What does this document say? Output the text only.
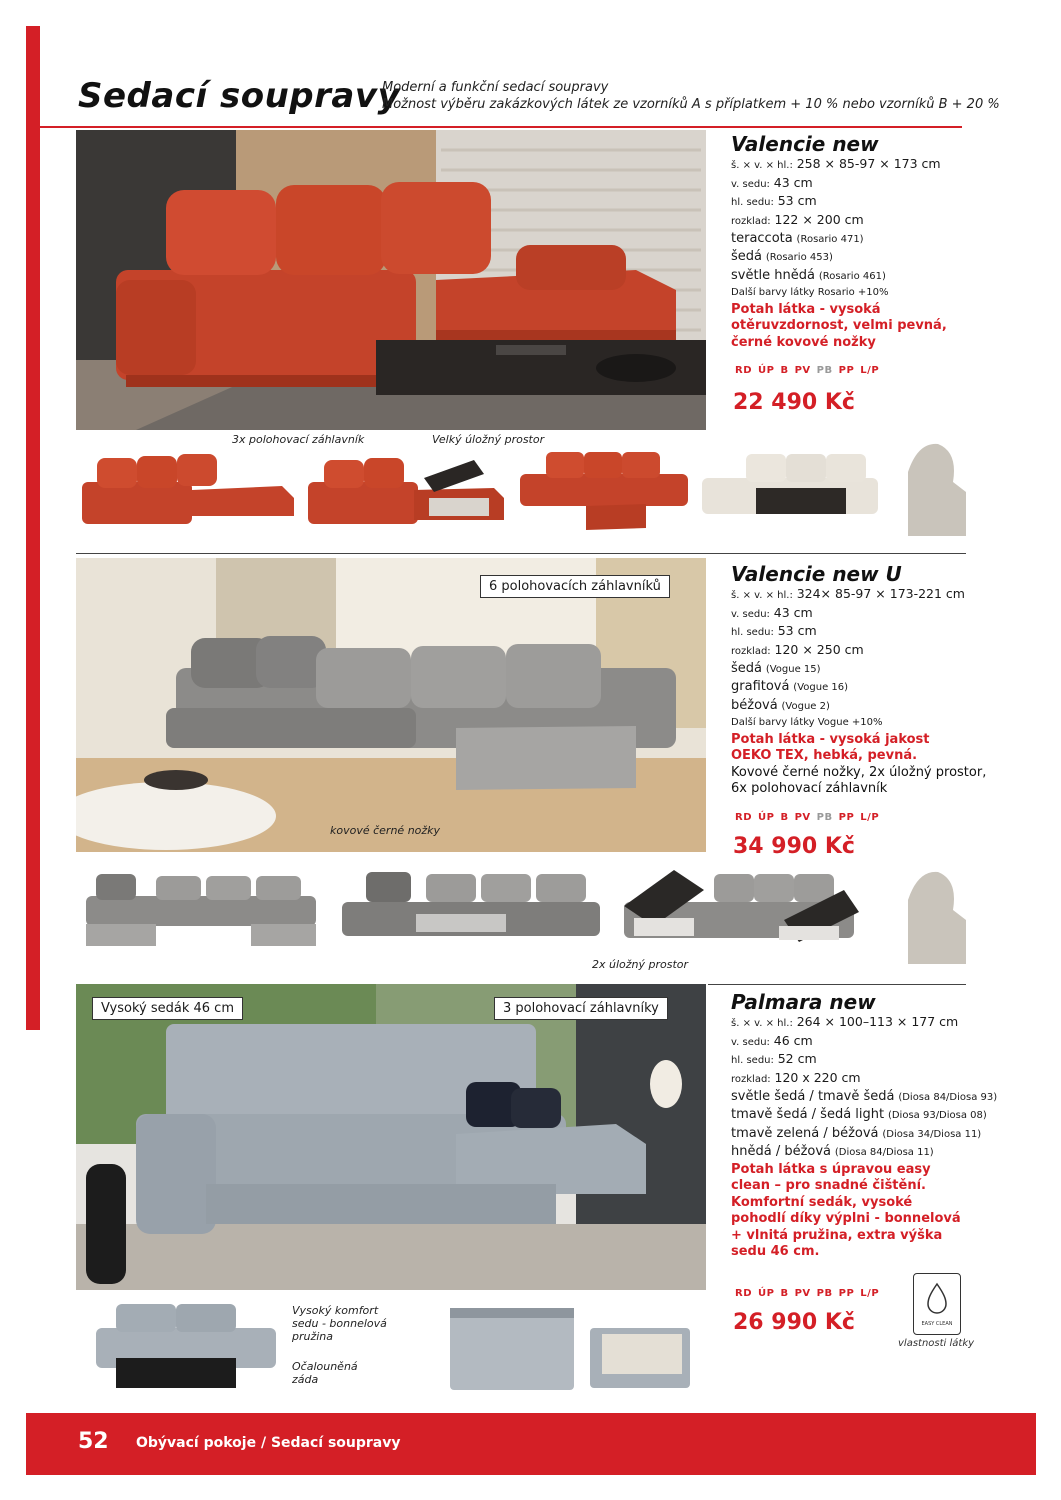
Sedací soupravy
Moderní a funkční sedací soupravy
Možnost výběru zakázkových látek ze vzorníků A s příplatkem + 10 % nebo vzorníků B + 20 %
Valencie new
š. × v. × hl.: 258 × 85-97 × 173 cm
v. sedu: 43 cm
hl. sedu: 53 cm
rozklad: 122 × 200 cm
teraccota (Rosario 471)
šedá (Rosario 453)
světle hnědá (Rosario 461)
Další barvy látky Rosario +10%
Potah látka - vysoká otěruvzdornost, velmi pevná, černé kovové nožky
RD ÚP B PV PB PP L/P
22 490 Kč
3x polohovací záhlavník	Velký úložný prostor
6 polohovacích záhlavníků
kovové černé nožky
Valencie new U
š. × v. × hl.: 324× 85-97 × 173-221 cm
v. sedu: 43 cm
hl. sedu: 53 cm
rozklad: 120 × 250 cm
šedá (Vogue 15)
grafitová (Vogue 16)
béžová (Vogue 2)
Další barvy látky Vogue +10%
Potah látka - vysoká jakost
OEKO TEX, hebká, pevná.
Kovové černé nožky, 2x úložný prostor, 6x polohovací záhlavník
RD ÚP B PV PB PP L/P
34 990 Kč
2x úložný prostor
Vysoký sedák 46 cm	3 polohovací záhlavníky	Palmara new
š. × v. × hl.: 264 × 100–113 × 177 cm
v. sedu: 46 cm
hl. sedu: 52 cm
rozklad: 120 x 220 cm
světle šedá / tmavě šedá (Diosa 84/Diosa 93)
tmavě šedá / šedá light (Diosa 93/Diosa 08)
tmavě zelená / béžová (Diosa 34/Diosa 11)
hnědá / béžová (Diosa 84/Diosa 11)
Potah látka s úpravou easy clean – pro snadné čištění. Komfortní sedák, vysoké pohodlí díky výplni - bonnelová + vlnitá pružina, extra výška sedu 46 cm.
RD ÚP B PV PB PP L/P
26 990 Kč	EASY CLEAN
vlastnosti látky
Vysoký komfort sedu - bonnelová pružina
Očalouněná záda
52 Obývací pokoje / Sedací soupravy
